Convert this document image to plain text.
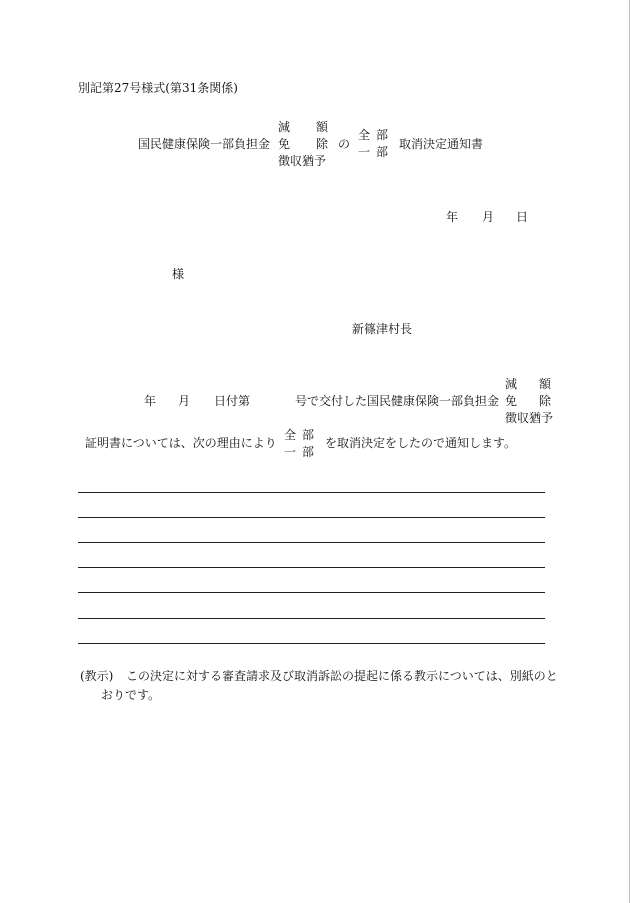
別記第27号様式(第31条関係)
国民健康保険一部負担金
減 額
免 除
徴収猶予
の
全
一
部
部
取消決定通知書
年 月 日
様
新篠津村長
年 月 日付第	号で交付した国民健康保険一部負担金
減 額
免 除
徴収猶予
証明書については、次の理由により
全
一
部
部
を取消決定をしたので通知します。
(教示) この決定に対する審査請求及び取消訴訟の提起に係る教示については、別紙のと
おりです。
